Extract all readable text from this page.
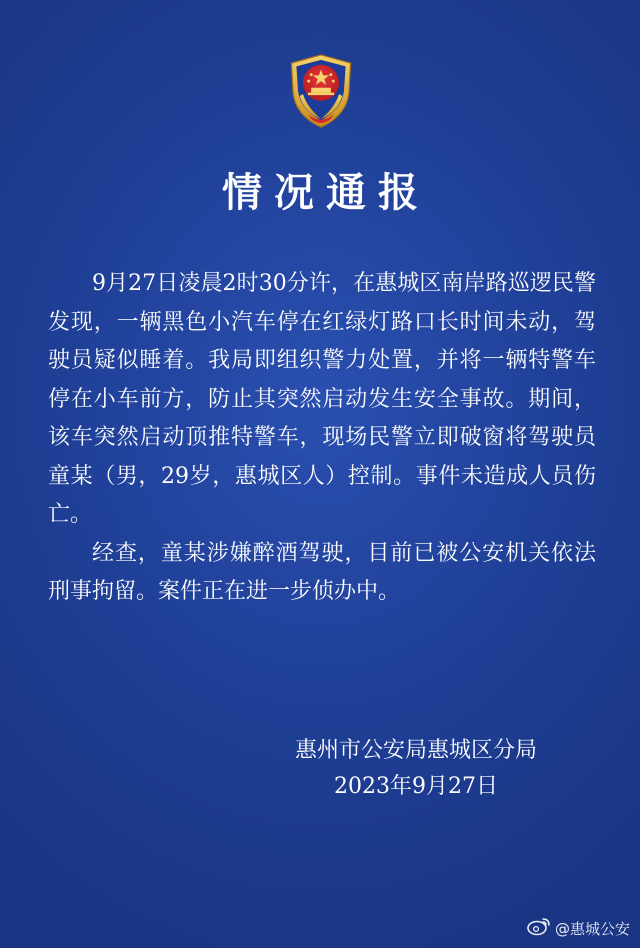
情况通报

9月27日凌晨2时30分许，在惠城区南岸路巡逻民警发现，一辆黑色小汽车停在红绿灯路口长时间未动，驾驶员疑似睡着。我局即组织警力处置，并将一辆特警车停在小车前方，防止其突然启动发生安全事故。期间，该车突然启动顶推特警车，现场民警立即破窗将驾驶员童某（男，29岁，惠城区人）控制。事件未造成人员伤亡。

经查，童某涉嫌醉酒驾驶，目前已被公安机关依法刑事拘留。案件正在进一步侦办中。

惠州市公安局惠城区分局
2023年9月27日
@惠城公安
